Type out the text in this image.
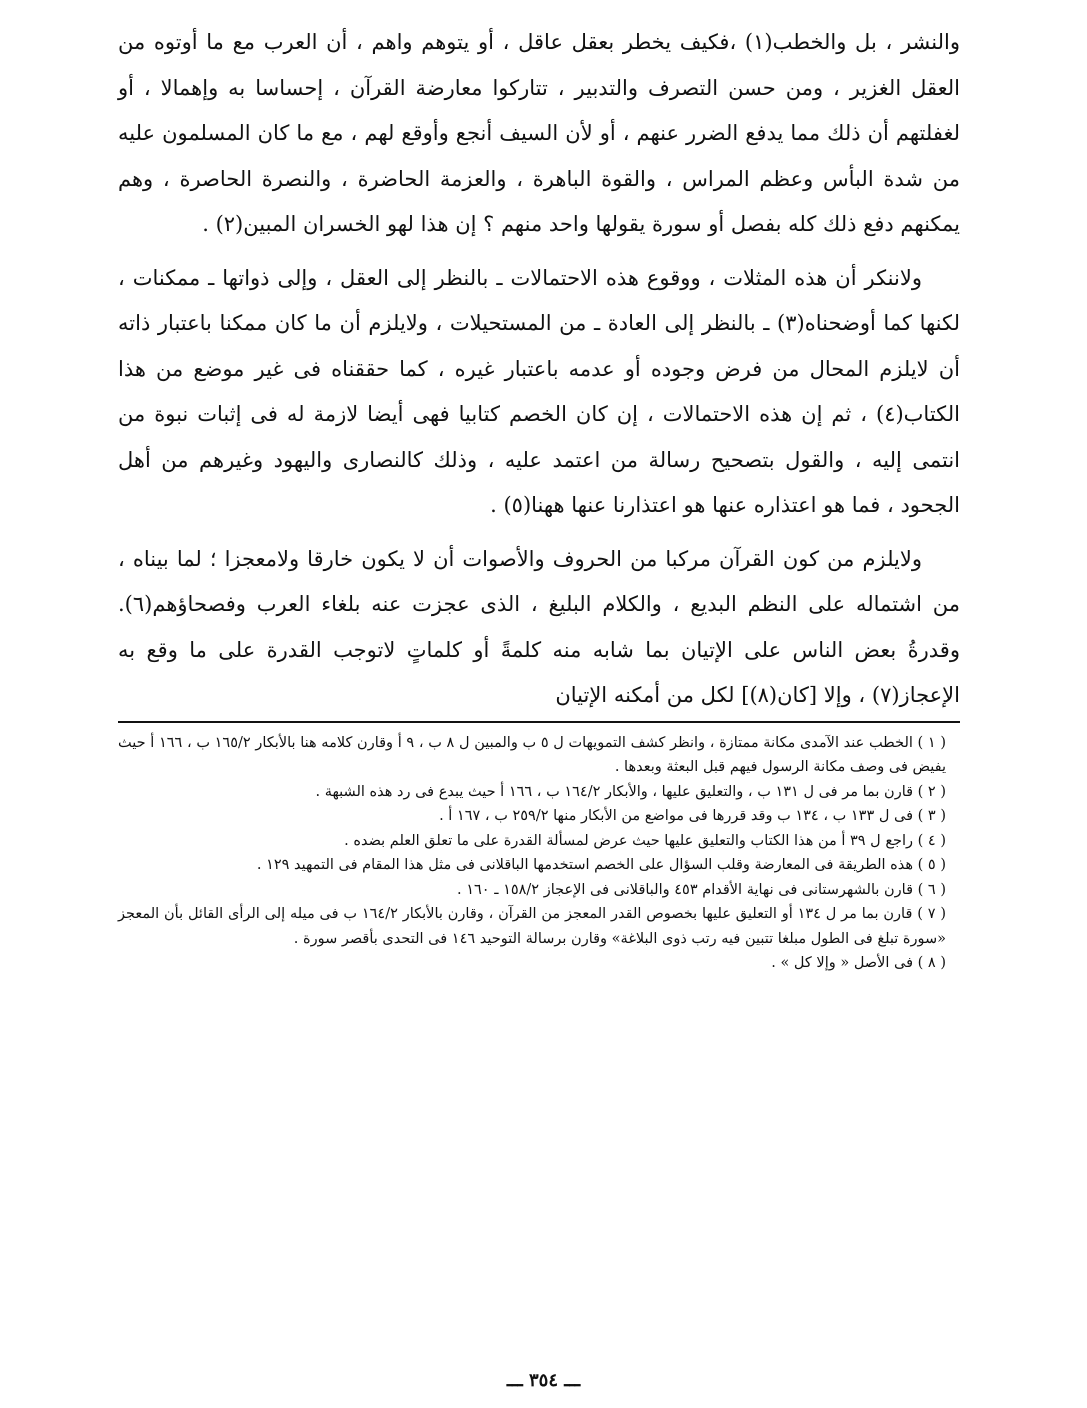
والنشر ، بل والخطب(١) ،فكيف يخطر بعقل عاقل ، أو يتوهم واهم ، أن العرب مع ما أوتوه من العقل الغزير ، ومن حسن التصرف والتدبير ، تتاركوا معارضة القرآن ، إحساسا به وإهمالا ، أو لغفلتهم أن ذلك مما يدفع الضرر عنهم ، أو لأن السيف أنجع وأوقع لهم ، مع ما كان المسلمون عليه من شدة البأس وعظم المراس ، والقوة الباهرة ، والعزمة الحاضرة ، والنصرة الحاصرة ، وهم يمكنهم دفع ذلك كله بفصل أو سورة يقولها واحد منهم ؟ إن هذا لهو الخسران المبين(٢) .

ولاننكر أن هذه المثلات ، ووقوع هذه الاحتمالات ـ بالنظر إلى العقل ، وإلى ذواتها ـ ممكنات ، لكنها كما أوضحناه(٣) ـ بالنظر إلى العادة ـ من المستحيلات ، ولايلزم أن ما كان ممكنا باعتبار ذاته أن لايلزم المحال من فرض وجوده أو عدمه باعتبار غيره ، كما حققناه فى غير موضع من هذا الكتاب(٤) ، ثم إن هذه الاحتمالات ، إن كان الخصم كتابيا فهى أيضا لازمة له فى إثبات نبوة من انتمى إليه ، والقول بتصحيح رسالة من اعتمد عليه ، وذلك كالنصارى واليهود وغيرهم من أهل الجحود ، فما هو اعتذاره عنها هو اعتذارنا عنها ههنا(٥) .

ولايلزم من كون القرآن مركبا من الحروف والأصوات أن لا يكون خارقا ولامعجزا ؛ لما بيناه ، من اشتماله على النظم البديع ، والكلام البليغ ، الذى عجزت عنه بلغاء العرب وفصحاؤهم(٦). وقدرةُ بعض الناس على الإتيان بما شابه منه كلمةً أو كلماتٍ لاتوجب القدرة على ما وقع به الإعجاز(٧) ، وإلا [كان(٨)] لكل من أمكنه الإتيان

( ١ ) الخطب عند الآمدى مكانة ممتازة ، وانظر كشف التمويهات ل ٥ ب والمبين ل ٨ ب ، ٩ أ وقارن كلامه هنا بالأبكار ١٦٥/٢ ب ، ١٦٦ أ حيث يفيض فى وصف مكانة الرسول فيهم قبل البعثة وبعدها .

( ٢ ) قارن بما مر فى ل ١٣١ ب ، والتعليق عليها ، والأبكار ١٦٤/٢ ب ، ١٦٦ أ حيث يبدع فى رد هذه الشبهة .

( ٣ ) فى ل ١٣٣ ب ، ١٣٤ ب وقد قررها فى مواضع من الأبكار منها ٢٥٩/٢ ب ، ١٦٧ أ .

( ٤ ) راجع ل ٣٩ أ من هذا الكتاب والتعليق عليها حيث عرض لمسألة القدرة على ما تعلق العلم بضده .

( ٥ ) هذه الطريقة فى المعارضة وقلب السؤال على الخصم استخدمها الباقلانى فى مثل هذا المقام فى التمهيد ١٢٩ .

( ٦ ) قارن بالشهرستانى فى نهاية الأقدام ٤٥٣ والباقلانى فى الإعجاز ١٥٨/٢ ـ ١٦٠ .

( ٧ ) قارن بما مر ل ١٣٤ أو التعليق عليها بخصوص القدر المعجز من القرآن ، وقارن بالأبكار ١٦٤/٢ ب فى ميله إلى الرأى القائل بأن المعجز «سورة تبلغ فى الطول مبلغا تتبين فيه رتب ذوى البلاغة» وقارن برسالة التوحيد ١٤٦ فى التحدى بأقصر سورة .

( ٨ ) فى الأصل « وإلا كل » .

ـــ ٣٥٤ ـــ
